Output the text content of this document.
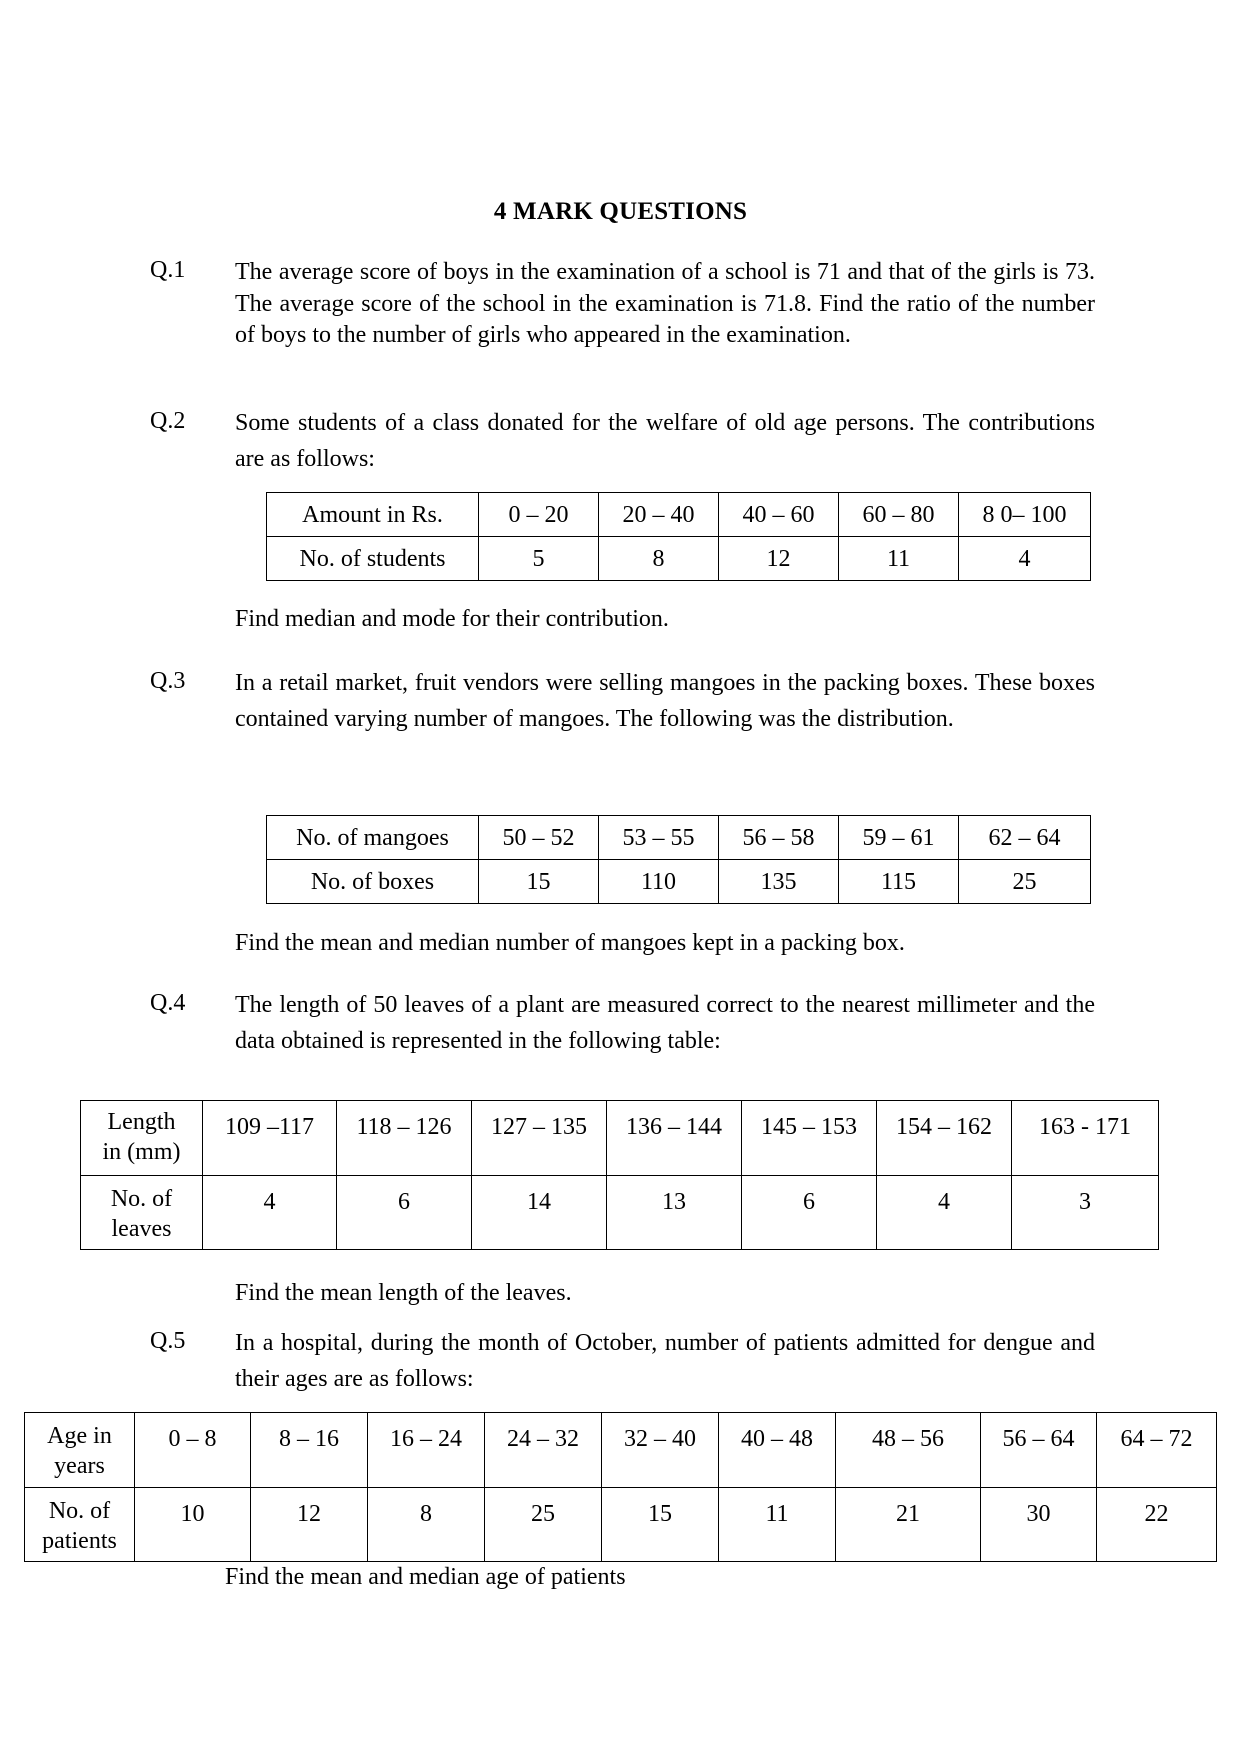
4 MARK QUESTIONS
Q.1 The average score of boys in the examination of a school is 71 and that of the girls is 73. The average score of the school in the examination is 71.8. Find the ratio of the number of boys to the number of girls who appeared in the examination.
Q.2 Some students of a class donated for the welfare of old age persons. The contributions are as follows:
Amount in Rs.	0 – 20	20 – 40	40 – 60	60 – 80	8 0– 100
No. of students	5	8	12	11	4
Find median and mode for their contribution.
Q.3 In a retail market, fruit vendors were selling mangoes in the packing boxes. These boxes contained varying number of mangoes. The following was the distribution.
No. of mangoes	50 – 52	53 – 55	56 – 58	59 – 61	62 – 64
No. of boxes	15	110	135	115	25
Find the mean and median number of mangoes kept in a packing box.
Q.4 The length of 50 leaves of a plant are measured correct to the nearest millimeter and the data obtained is represented in the following table:
Length
in (mm)	109 –117	118 – 126	127 – 135	136 – 144	145 – 153	154 – 162	163 - 171

No. of
leaves	4	6	14	13	6	4	3
Find the mean length of the leaves.
Q.5 In a hospital, during the month of October, number of patients admitted for dengue and their ages are as follows:
Age in
years	0 – 8	8 – 16	16 – 24	24 – 32	32 – 40	40 – 48	48 – 56	56 – 64	64 – 72

No. of
patients	10	12	8	25	15	11	21	30	22
Find the mean and median age of patients
